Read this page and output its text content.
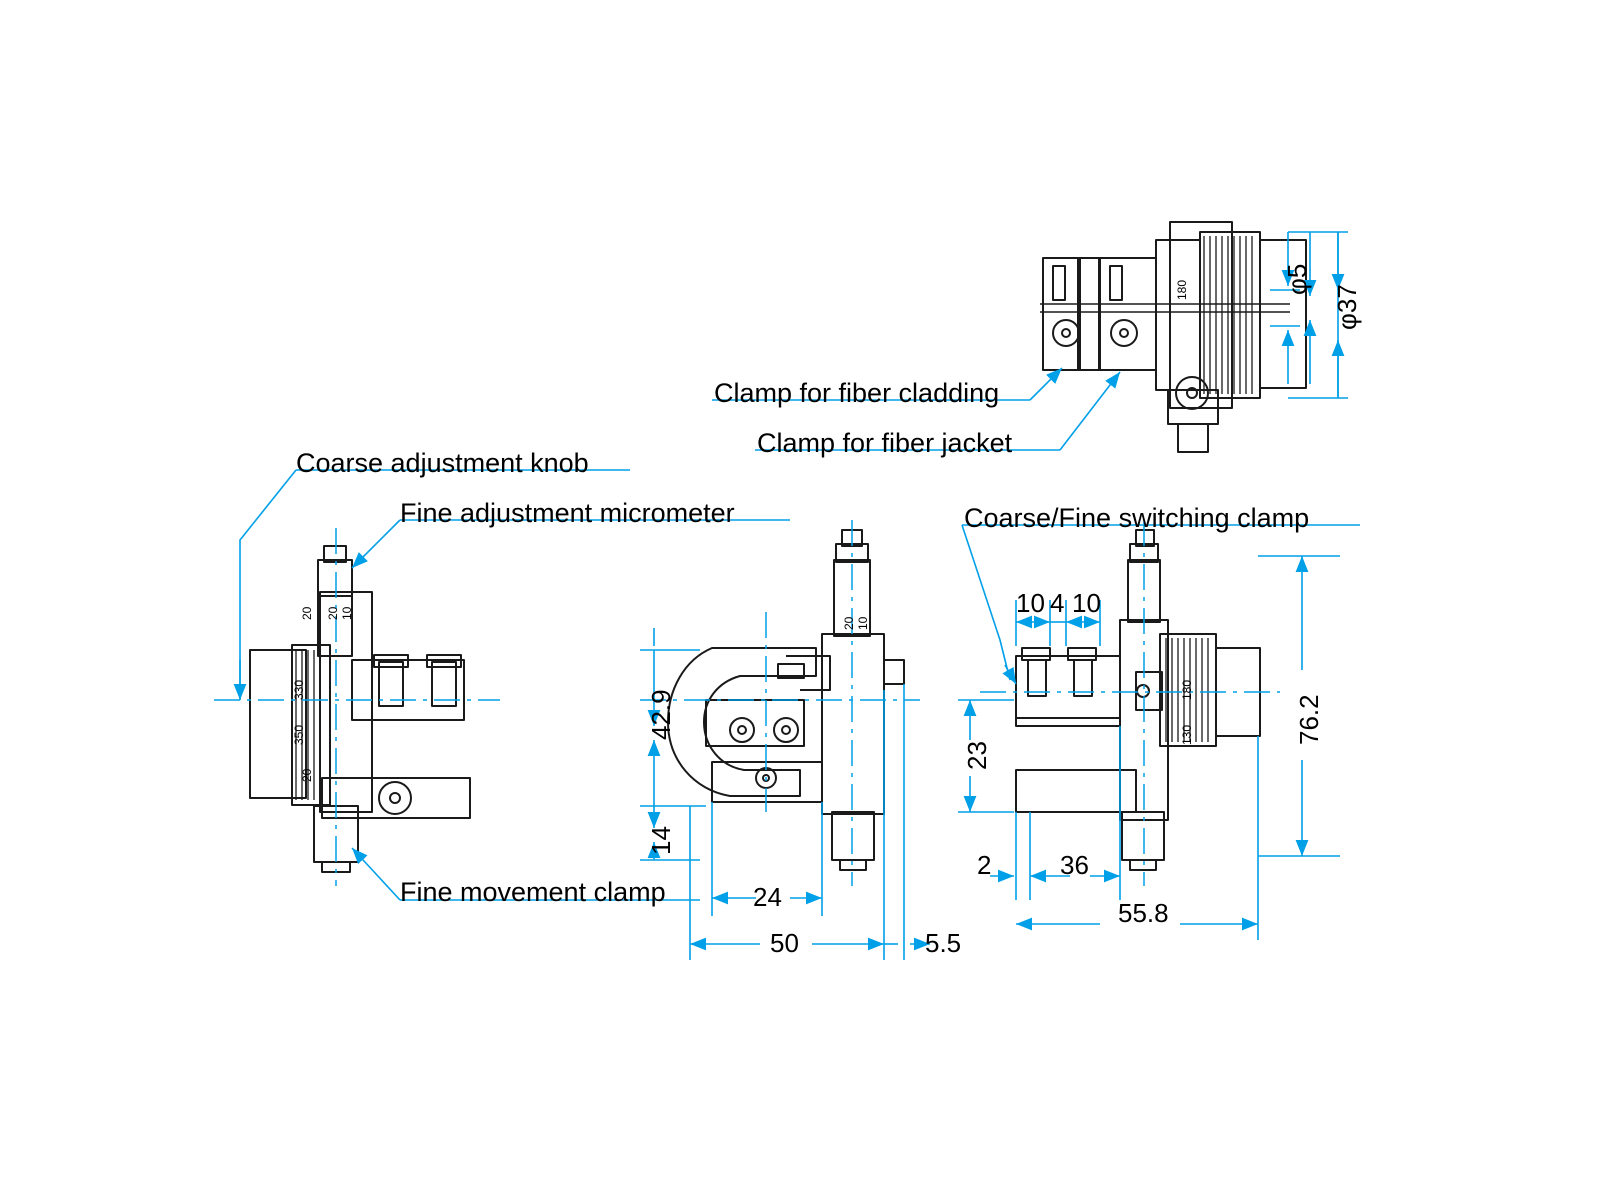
Clamp for fiber cladding
Clamp for fiber jacket
Coarse adjustment knob
Fine adjustment micrometer	Coarse/Fine switching clamp
Fine movement clamp
φ5
φ37
42.9
14
24
50	5.5
10 4 10
23
76.2
2	36
55.8
20
330
350
20
20 10
20 10
180
130
180
